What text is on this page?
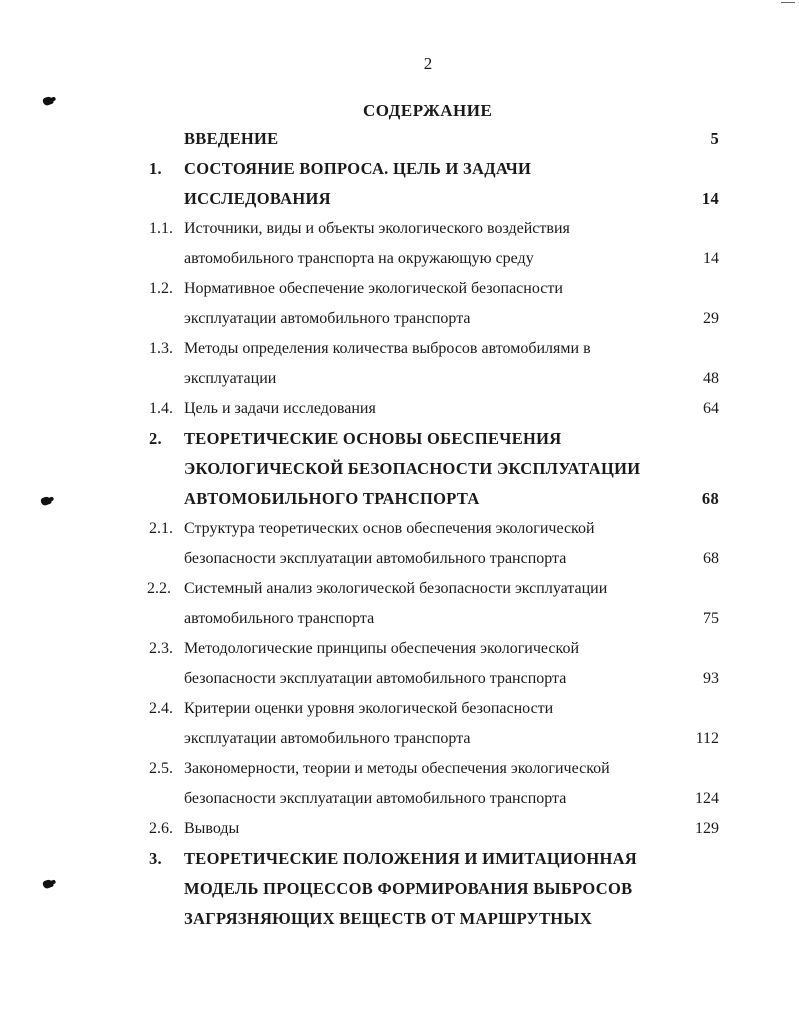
2
СОДЕРЖАНИЕ
ВВЕДЕНИЕ	5
1. СОСТОЯНИЕ ВОПРОСА. ЦЕЛЬ И ЗАДАЧИ
ИССЛЕДОВАНИЯ	14
1.1. Источники, виды и объекты экологического воздействия
автомобильного транспорта на окружающую среду	14
1.2. Нормативное обеспечение экологической безопасности
эксплуатации автомобильного транспорта	29
1.3. Методы определения количества выбросов автомобилями в
эксплуатации	48
1.4. Цель и задачи исследования	64
2. ТЕОРЕТИЧЕСКИЕ ОСНОВЫ ОБЕСПЕЧЕНИЯ
ЭКОЛОГИЧЕСКОЙ БЕЗОПАСНОСТИ ЭКСПЛУАТАЦИИ
АВТОМОБИЛЬНОГО ТРАНСПОРТА	68
2.1. Структура теоретических основ обеспечения экологической
безопасности эксплуатации автомобильного транспорта	68
2.2. Системный анализ экологической безопасности эксплуатации
автомобильного транспорта	75
2.3. Методологические принципы обеспечения экологической
безопасности эксплуатации автомобильного транспорта	93
2.4. Критерии оценки уровня экологической безопасности
эксплуатации автомобильного транспорта	112
2.5. Закономерности, теории и методы обеспечения экологической
безопасности эксплуатации автомобильного транспорта	124
2.6. Выводы	129
3. ТЕОРЕТИЧЕСКИЕ ПОЛОЖЕНИЯ И ИМИТАЦИОННАЯ
МОДЕЛЬ ПРОЦЕССОВ ФОРМИРОВАНИЯ ВЫБРОСОВ
ЗАГРЯЗНЯЮЩИХ ВЕЩЕСТВ ОТ МАРШРУТНЫХ
